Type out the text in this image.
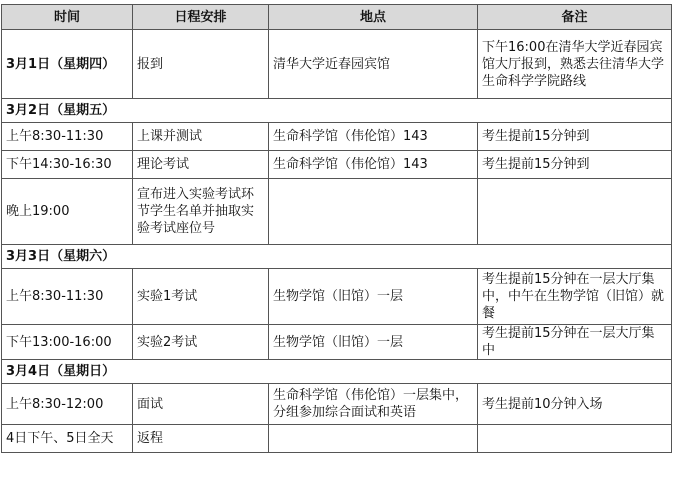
时间	日程安排	地点	备注
3月1日（星期四）	报到	清华大学近春园宾馆	下午16:00在清华大学近春园宾馆大厅报到，熟悉去往清华大学生命科学学院路线
3月2日（星期五）			
上午8:30-11:30	上课并测试	生命科学馆（伟伦馆）143	考生提前15分钟到
下午14:30-16:30	理论考试	生命科学馆（伟伦馆）143	考生提前15分钟到
晚上19:00	宣布进入实验考试环节学生名单并抽取实验考试座位号		
3月3日（星期六）			
上午8:30-11:30	实验1考试	生物学馆（旧馆）一层	考生提前15分钟在一层大厅集中，中午在生物学馆（旧馆）就餐
下午13:00-16:00	实验2考试	生物学馆（旧馆）一层	考生提前15分钟在一层大厅集中
3月4日（星期日）			
上午8:30-12:00	面试	生命科学馆（伟伦馆）一层集中，分组参加综合面试和英语	考生提前10分钟入场
4日下午、5日全天	返程		
